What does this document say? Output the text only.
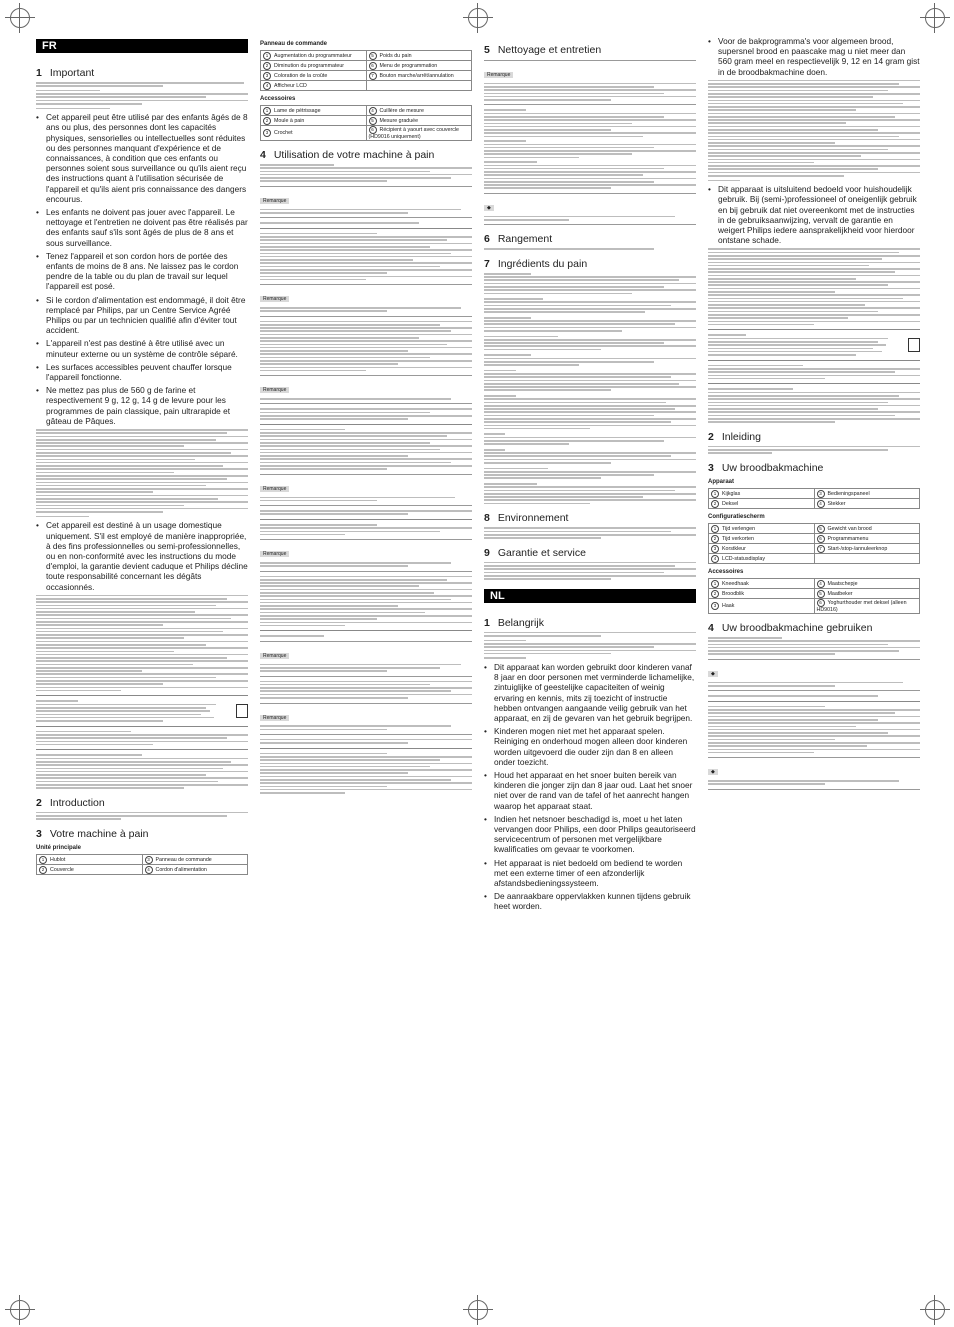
FR
1 Important
• Cet appareil peut être utilisé par des enfants âgés de 8 ans ou plus, des personnes dont les capacités physiques, sensorielles ou intellectuelles sont réduites ou des personnes manquant d'expérience et de connaissances, à condition que ces enfants ou personnes soient sous surveillance ou qu'ils aient reçu des instructions quant à l'utilisation sécurisée de l'appareil et qu'ils aient pris connaissance des dangers encourus.
• Les enfants ne doivent pas jouer avec l'appareil. Le nettoyage et l'entretien ne doivent pas être réalisés par des enfants sauf s'ils sont âgés de plus de 8 ans et sous surveillance.
• Tenez l'appareil et son cordon hors de portée des enfants de moins de 8 ans. Ne laissez pas le cordon pendre de la table ou du plan de travail sur lequel l'appareil est posé.
• Si le cordon d'alimentation est endommagé, il doit être remplacé par Philips, par un Centre Service Agréé Philips ou par un technicien qualifié afin d'éviter tout accident.
• L'appareil n'est pas destiné à être utilisé avec un minuteur externe ou un système de contrôle séparé.
• Les surfaces accessibles peuvent chauffer lorsque l'appareil fonctionne.
• Ne mettez pas plus de 560 g de farine et respectivement 9 g, 12 g, 14 g de levure pour les programmes de pain classique, pain ultrarapide et gâteau de Pâques.
• Cet appareil est destiné à un usage domestique uniquement. S'il est employé de manière inappropriée, à des fins professionnelles ou semi-professionnelles, ou en non-conformité avec les instructions du mode d'emploi, la garantie devient caduque et Philips décline toute responsabilité concernant les dégâts occasionnés.
2 Introduction
3 Votre machine à pain
Unité principale
1 Hublot	3 Panneau de commande
2 Couvercle	4 Cordon d'alimentation
Panneau de commande
1 Augmentation du programmateur	5 Poids du pain
2 Diminution du programmateur	6 Menu de programmation
3 Coloration de la croûte	7 Bouton marche/arrêt/annulation
4 Afficheur LCD	
Accessoires
1 Lame de pétrissage	4 Cuillère de mesure
2 Moule à pain	5 Mesure graduée
3 Crochet	6 Récipient à yaourt avec couvercle (HD9016 uniquement)
4 Utilisation de votre machine à pain
Remarque
Remarque
Remarque
Remarque
Remarque
Remarque
Remarque
5 Nettoyage et entretien
Remarque
◆
6 Rangement
7 Ingrédients du pain
8 Environnement
9 Garantie et service
NL
1 Belangrijk
• Dit apparaat kan worden gebruikt door kinderen vanaf 8 jaar en door personen met verminderde lichamelijke, zintuiglijke of geestelijke capaciteiten of weinig ervaring en kennis, mits zij toezicht of instructie hebben ontvangen aangaande veilig gebruik van het apparaat, en zij de gevaren van het gebruik begrijpen.
• Kinderen mogen niet met het apparaat spelen. Reiniging en onderhoud mogen alleen door kinderen worden uitgevoerd die ouder zijn dan 8 en alleen onder toezicht.
• Houd het apparaat en het snoer buiten bereik van kinderen die jonger zijn dan 8 jaar oud. Laat het snoer niet over de rand van de tafel of het aanrecht hangen waarop het apparaat staat.
• Indien het netsnoer beschadigd is, moet u het laten vervangen door Philips, een door Philips geautoriseerd servicecentrum of personen met vergelijkbare kwalificaties om gevaar te voorkomen.
• Het apparaat is niet bedoeld om bediend te worden met een externe timer of een afzonderlijk afstandsbedieningssysteem.
• De aanraakbare oppervlakken kunnen tijdens gebruik heet worden.
• Voor de bakprogramma's voor algemeen brood, supersnel brood en paascake mag u niet meer dan 560 gram meel en respectievelijk 9, 12 en 14 gram gist in de broodbakmachine doen.
• Dit apparaat is uitsluitend bedoeld voor huishoudelijk gebruik. Bij (semi-)professioneel of oneigenlijk gebruik en bij gebruik dat niet overeenkomt met de instructies in de gebruiksaanwijzing, vervalt de garantie en weigert Philips iedere aansprakelijkheid voor hierdoor ontstane schade.
2 Inleiding
3 Uw broodbakmachine
Apparaat
1 Kijkglas	3 Bedieningspaneel
2 Deksel	4 Stekker
Configuratiescherm
1 Tijd verlengen	5 Gewicht van brood
2 Tijd verkorten	6 Programmamenu
3 Korstkleur	7 Start-/stop-/annuleerknop
4 LCD-statusdisplay	
Accessoires
1 Kneedhaak	4 Maatschepje
2 Broodblik	5 Maatbeker
3 Haak	6 Yoghurthouder met deksel (alleen HD9016)
4 Uw broodbakmachine gebruiken
◆
◆
